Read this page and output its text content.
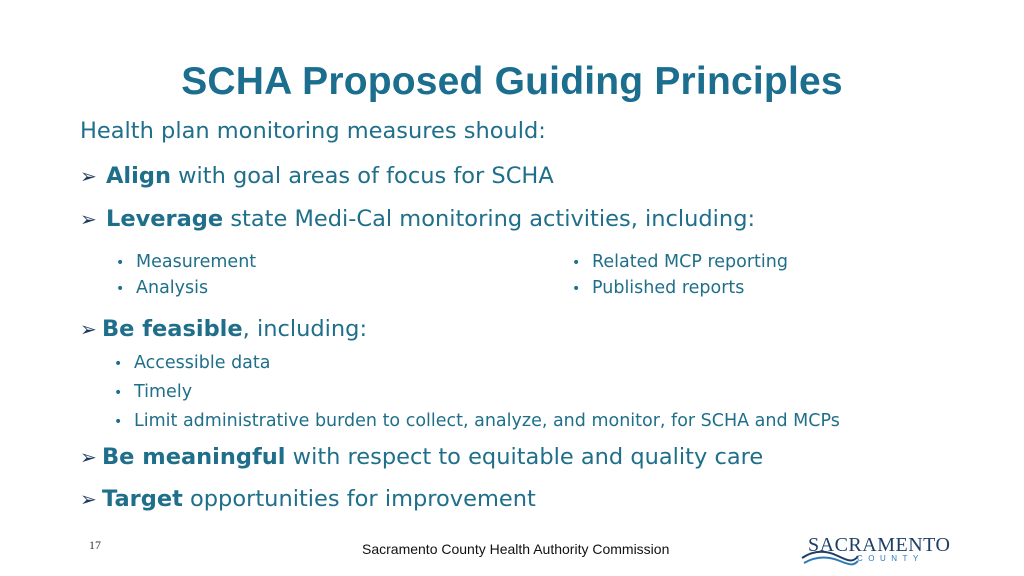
SCHA Proposed Guiding Principles
Health plan monitoring measures should:
➢ Align with goal areas of focus for SCHA
➢ Leverage state Medi-Cal monitoring activities, including:
• Measurement
• Analysis
• Related MCP reporting
• Published reports
➢ Be feasible, including:
• Accessible data
• Timely
• Limit administrative burden to collect, analyze, and monitor, for SCHA and MCPs
➢ Be meaningful with respect to equitable and quality care
➢ Target opportunities for improvement
17	Sacramento County Health Authority Commission	SACRAMENTO
COUNTY
